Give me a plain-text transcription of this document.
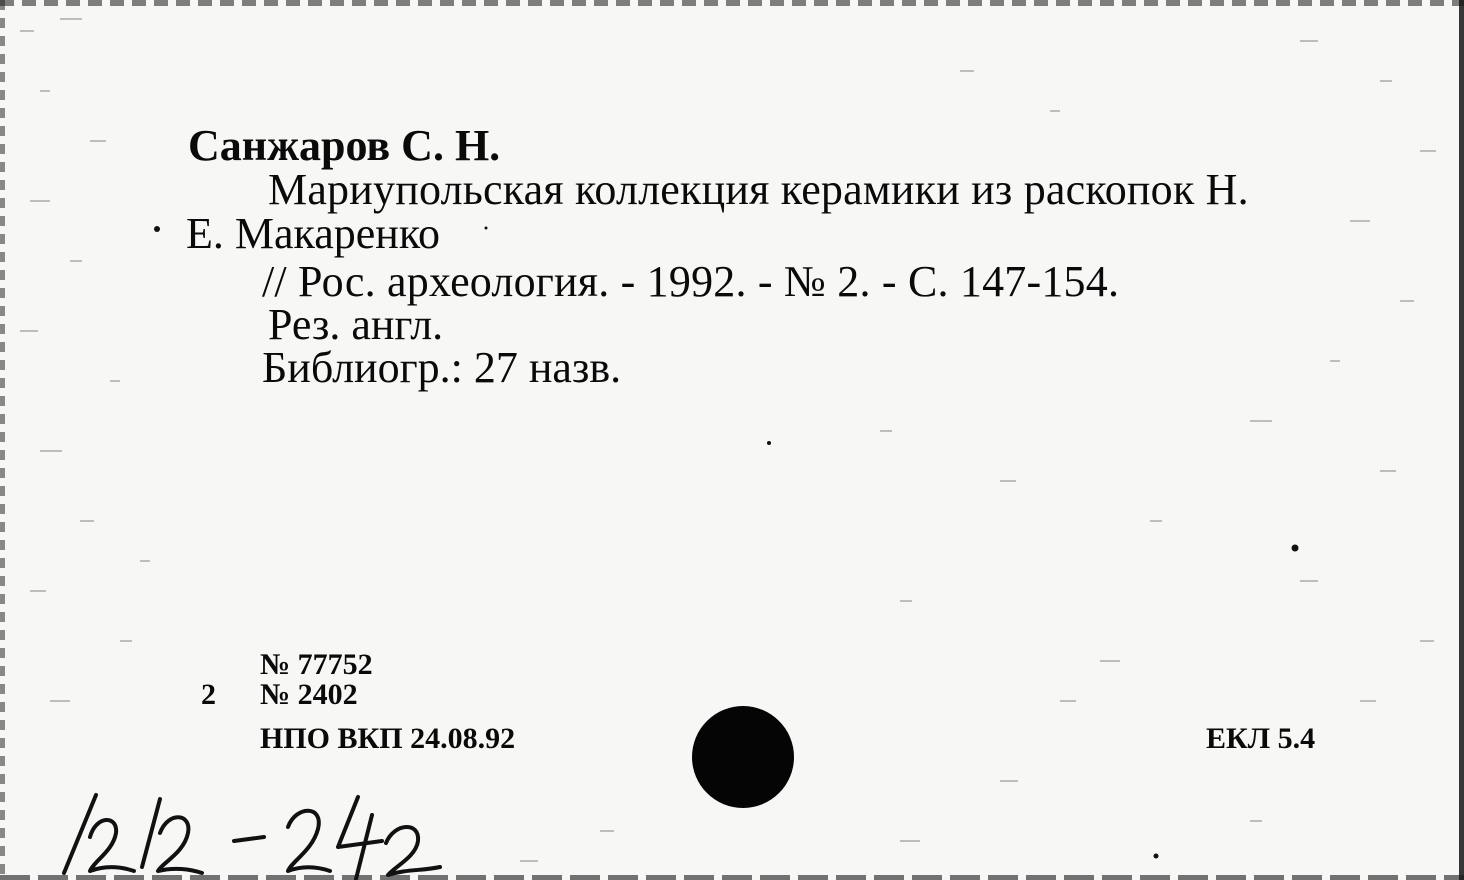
Санжаров С. Н.
Мариупольская коллекция керамики из раскопок Н.
Е. Макаренко
// Рос. археология. - 1992. - № 2. - С. 147-154.
Рез. англ.
Библиогр.: 27 назв.
№ 77752
2 № 2402
НПО ВКП 24.08.92	ЕКЛ 5.4
